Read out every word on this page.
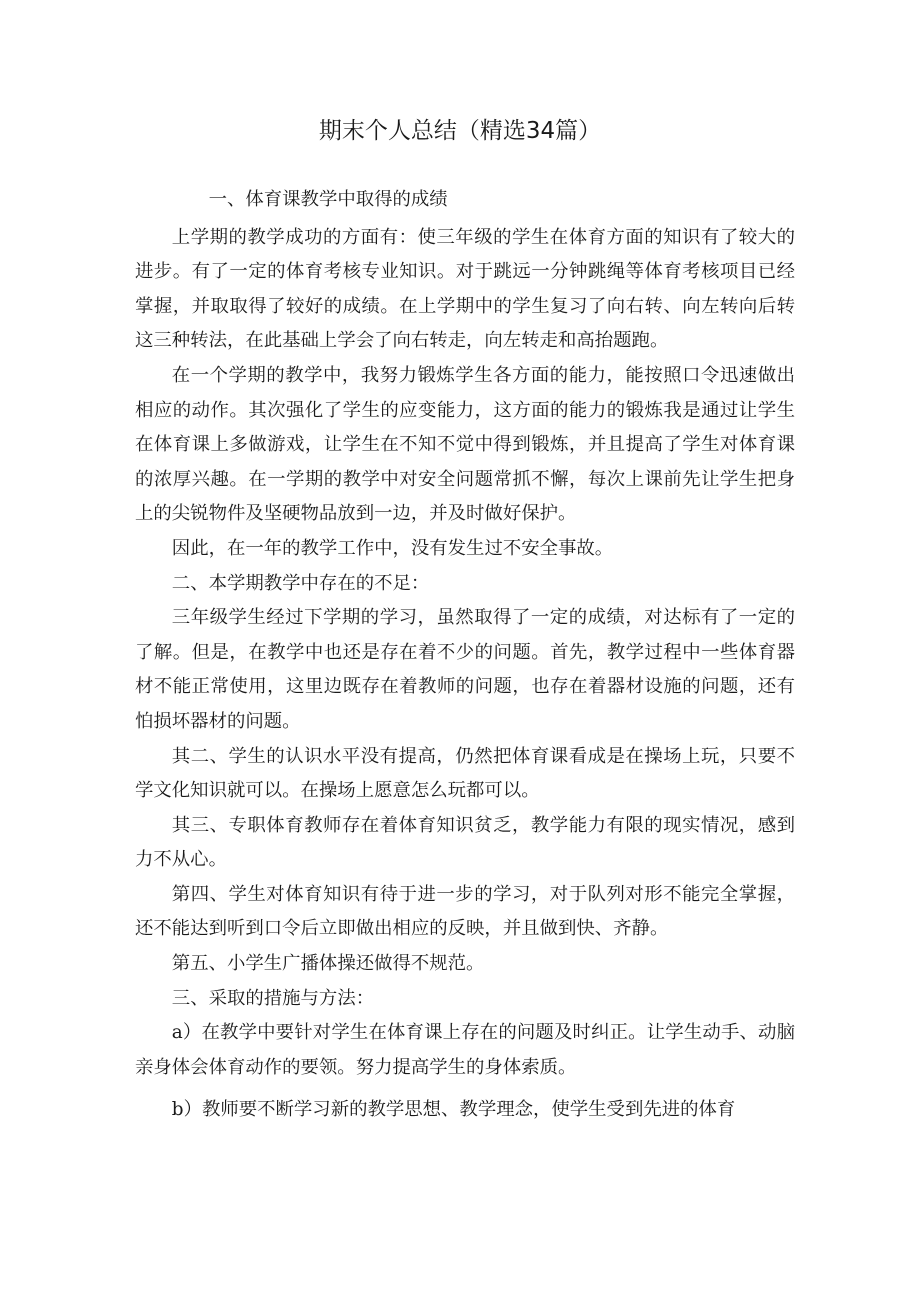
期末个人总结（精选34篇）

一、体育课教学中取得的成绩

上学期的教学成功的方面有：使三年级的学生在体育方面的知识有了较大的进步。有了一定的体育考核专业知识。对于跳远一分钟跳绳等体育考核项目已经掌握，并取取得了较好的成绩。在上学期中的学生复习了向右转、向左转向后转这三种转法，在此基础上学会了向右转走，向左转走和高抬题跑。

在一个学期的教学中，我努力锻炼学生各方面的能力，能按照口令迅速做出相应的动作。其次强化了学生的应变能力，这方面的能力的锻炼我是通过让学生在体育课上多做游戏，让学生在不知不觉中得到锻炼，并且提高了学生对体育课的浓厚兴趣。在一学期的教学中对安全问题常抓不懈，每次上课前先让学生把身上的尖锐物件及坚硬物品放到一边，并及时做好保护。

因此，在一年的教学工作中，没有发生过不安全事故。

二、本学期教学中存在的不足：

三年级学生经过下学期的学习，虽然取得了一定的成绩，对达标有了一定的了解。但是，在教学中也还是存在着不少的问题。首先，教学过程中一些体育器材不能正常使用，这里边既存在着教师的问题，也存在着器材设施的问题，还有怕损坏器材的问题。

其二、学生的认识水平没有提高，仍然把体育课看成是在操场上玩，只要不学文化知识就可以。在操场上愿意怎么玩都可以。

其三、专职体育教师存在着体育知识贫乏，教学能力有限的现实情况，感到力不从心。

第四、学生对体育知识有待于进一步的学习，对于队列对形不能完全掌握，还不能达到听到口令后立即做出相应的反映，并且做到快、齐静。

第五、小学生广播体操还做得不规范。

三、采取的措施与方法：

a）在教学中要针对学生在体育课上存在的问题及时纠正。让学生动手、动脑亲身体会体育动作的要领。努力提高学生的身体索质。

b）教师要不断学习新的教学思想、教学理念，使学生受到先进的体育
